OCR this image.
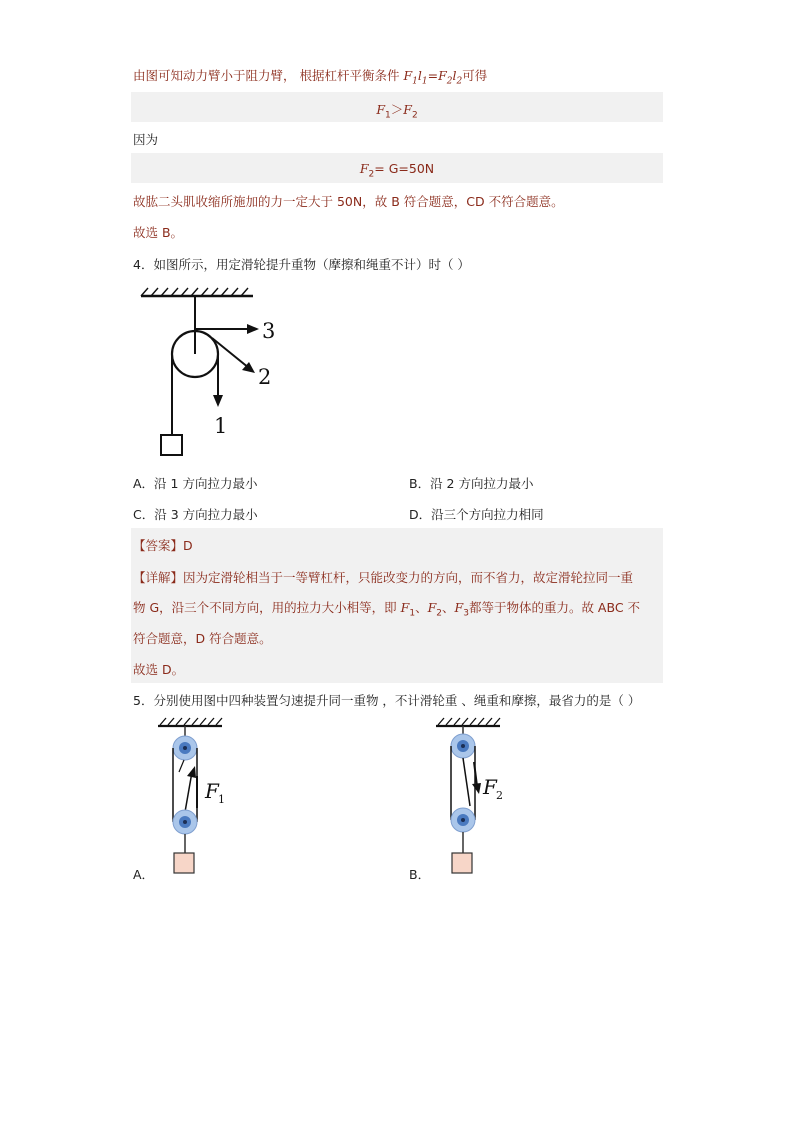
由图可知动力臂小于阻力臂， 根据杠杆平衡条件 $F_1l_1=F_2l_2$可得
$F_1>F_2$
因为
$F_2= G=50N$
故肱二头肌收缩所施加的力一定大于 50N，故 B 符合题意，CD 不符合题意。
故选 B。
4．如图所示，用定滑轮提升重物（摩擦和绳重不计）时（ ）
3
2
1
A．沿 1 方向拉力最小	B．沿 2 方向拉力最小
C．沿 3 方向拉力最小	D．沿三个方向拉力相同
【答案】D
【详解】因为定滑轮相当于一等臂杠杆，只能改变力的方向，而不省力，故定滑轮拉同一重
物 G，沿三个不同方向，用的拉力大小相等，即 $F_1$、$F_2$、$F_3$都等于物体的重力。故 ABC 不
符合题意，D 符合题意。
故选 D。
5．分别使用图中四种装置匀速提升同一重物 ，不计滑轮重 、绳重和摩擦，最省力的是（ ）
F 1
A．
F 2
B．
